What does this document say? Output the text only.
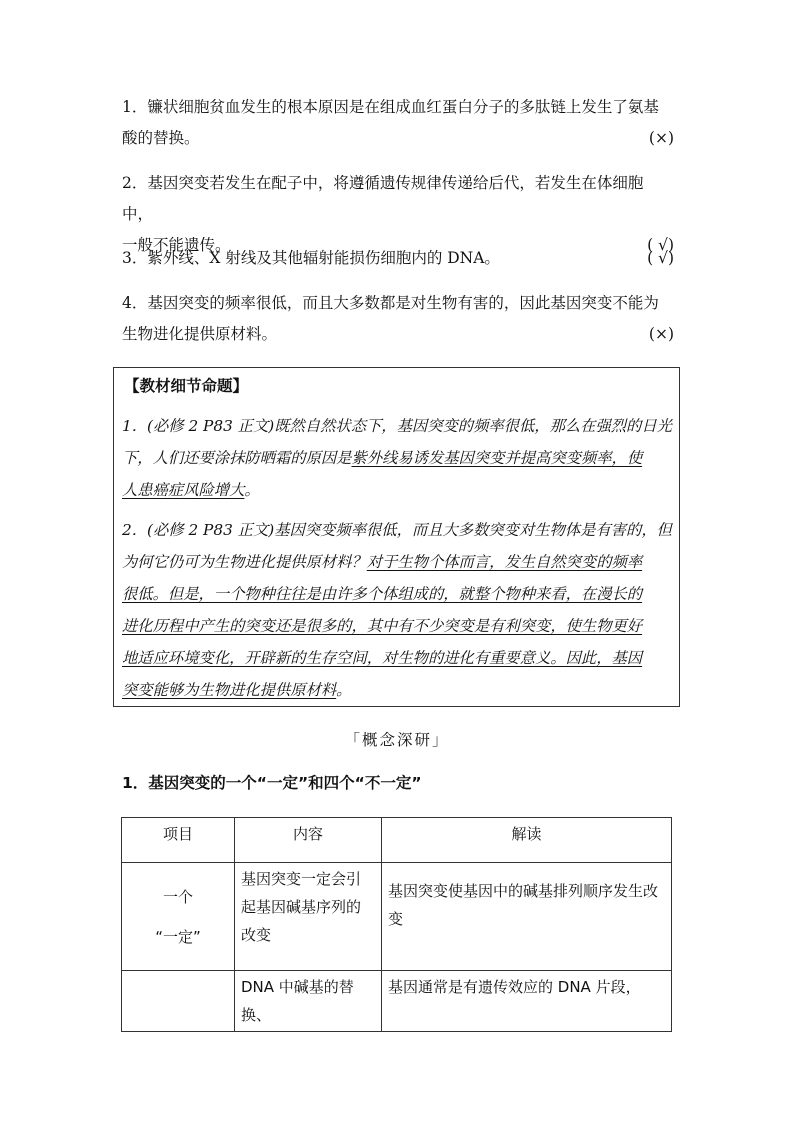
1．镰状细胞贫血发生的根本原因是在组成血红蛋白分子的多肽链上发生了氨基
酸的替换。	(×)
2．基因突变若发生在配子中，将遵循遗传规律传递给后代，若发生在体细胞中，
一般不能遗传。	( √)
3．紫外线、X 射线及其他辐射能损伤细胞内的 DNA。	( √)
4．基因突变的频率很低，而且大多数都是对生物有害的，因此基因突变不能为
生物进化提供原材料。	(×)
【教材细节命题】
1．(必修 2 P83 正文)既然自然状态下，基因突变的频率很低，那么在强烈的日光
下，人们还要涂抹防晒霜的原因是紫外线易诱发基因突变并提高突变频率，使
人患癌症风险增大。
2．(必修 2 P83 正文)基因突变频率很低，而且大多数突变对生物体是有害的，但
为何它仍可为生物进化提供原材料？对于生物个体而言，发生自然突变的频率
很低。但是，一个物种往往是由许多个体组成的，就整个物种来看，在漫长的
进化历程中产生的突变还是很多的，其中有不少突变是有利突变，使生物更好
地适应环境变化，开辟新的生存空间，对生物的进化有重要意义。因此，基因
突变能够为生物进化提供原材料。
「概念深研」
1．基因突变的一个“一定”和四个“不一定”
项目	内容	解读

一个
“一定”	基因突变一定会引起基因碱基序列的改变	基因突变使基因中的碱基排列顺序发生改变
	DNA 中碱基的替换、	基因通常是有遗传效应的 DNA 片段，
